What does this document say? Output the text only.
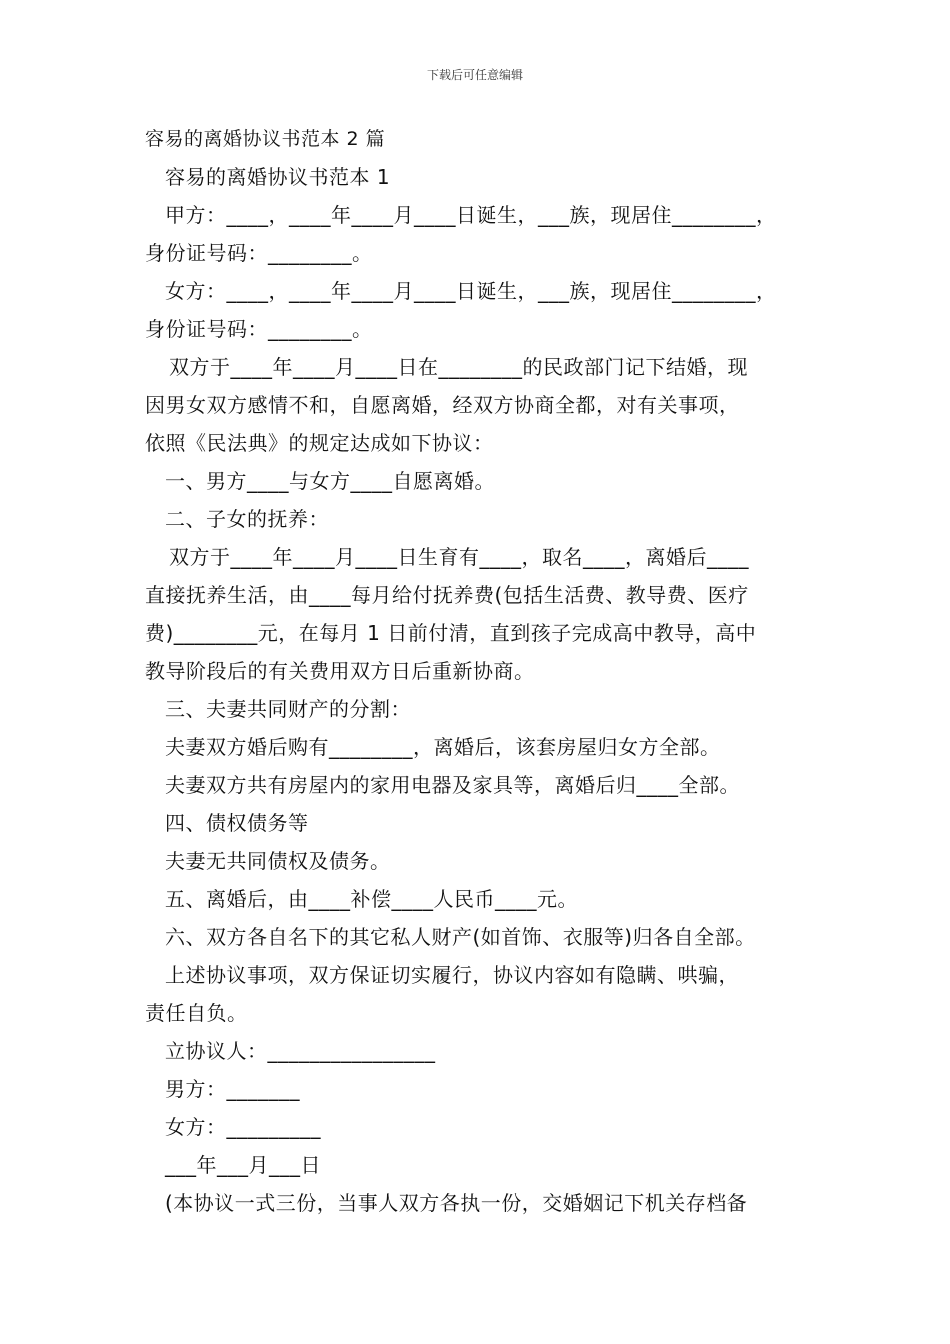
下载后可任意编辑
容易的离婚协议书范本 2 篇
容易的离婚协议书范本 1
甲方：____，____年____月____日诞生，___族，现居住________，
身份证号码：________。
女方：____，____年____月____日诞生，___族，现居住________，
身份证号码：________。
双方于____年____月____日在________的民政部门记下结婚，现
因男女双方感情不和，自愿离婚，经双方协商全都，对有关事项，
依照《民法典》的规定达成如下协议：
一、男方____与女方____自愿离婚。
二、子女的抚养：
双方于____年____月____日生育有____，取名____，离婚后____
直接抚养生活，由____每月给付抚养费(包括生活费、教导费、医疗
费)________元，在每月 1 日前付清，直到孩子完成高中教导，高中
教导阶段后的有关费用双方日后重新协商。
三、夫妻共同财产的分割：
夫妻双方婚后购有________，离婚后，该套房屋归女方全部。
夫妻双方共有房屋内的家用电器及家具等，离婚后归____全部。
四、债权债务等
夫妻无共同债权及债务。
五、离婚后，由____补偿____人民币____元。
六、双方各自名下的其它私人财产(如首饰、衣服等)归各自全部。
上述协议事项，双方保证切实履行，协议内容如有隐瞒、哄骗，
责任自负。
立协议人：________________
男方：_______
女方：_________
___年___月___日
(本协议一式三份，当事人双方各执一份，交婚姻记下机关存档备
